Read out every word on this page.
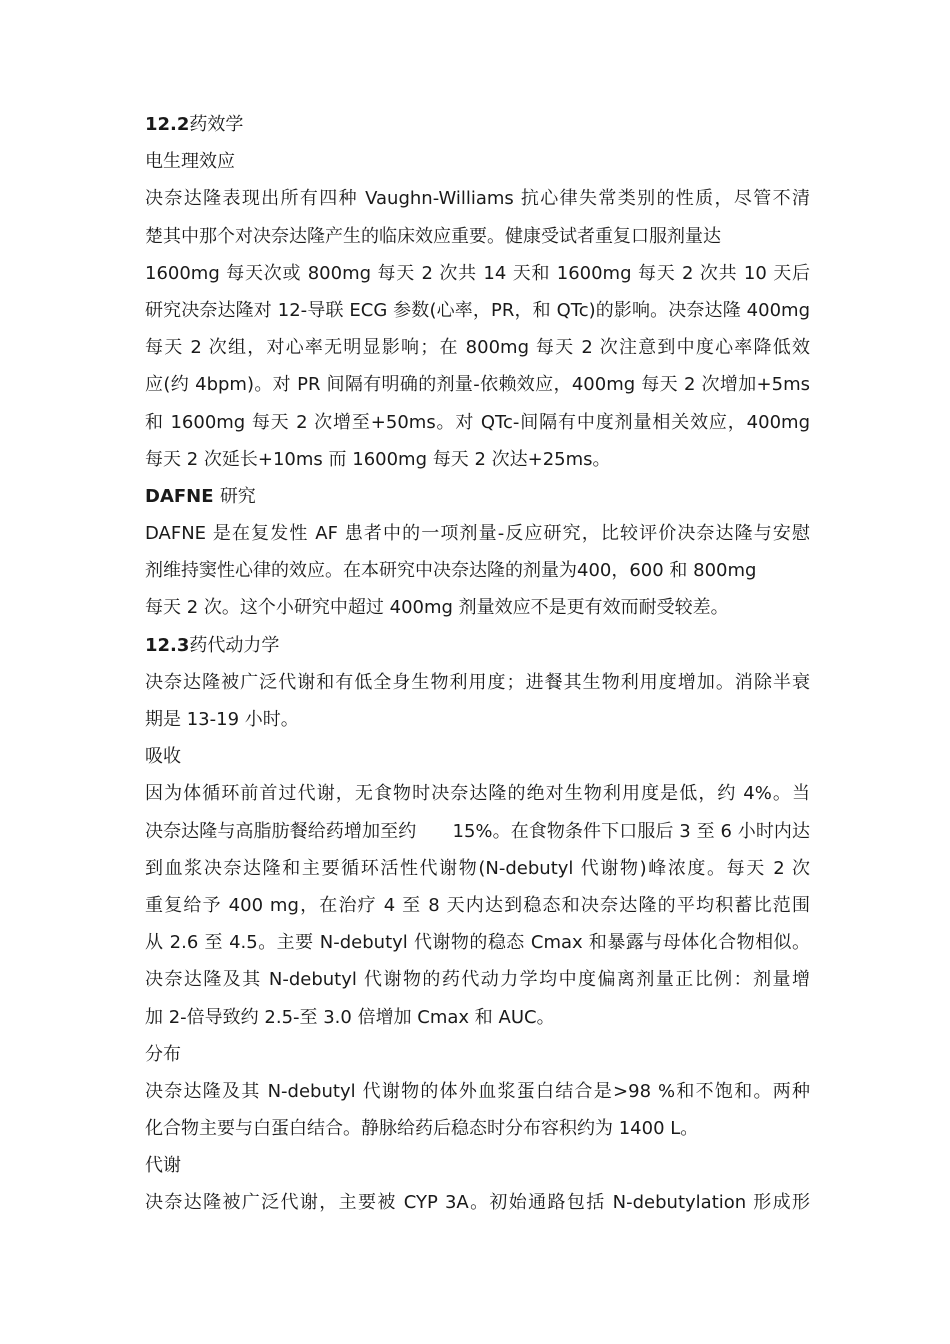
12.2药效学
电生理效应
决奈达隆表现出所有四种 Vaughn-Williams 抗心律失常类别的性质，尽管不清
楚其中那个对决奈达隆产生的临床效应重要。健康受试者重复口服剂量达
1600mg 每天次或 800mg 每天 2 次共 14 天和 1600mg 每天 2 次共 10 天后
研究决奈达隆对 12-导联 ECG 参数(心率，PR，和 QTc)的影响。决奈达隆 400mg
每天 2 次组，对心率无明显影响；在 800mg 每天 2 次注意到中度心率降低效
应(约 4bpm)。对 PR 间隔有明确的剂量-依赖效应，400mg 每天 2 次增加+5ms
和 1600mg 每天 2 次增至+50ms。对 QTc-间隔有中度剂量相关效应，400mg
每天 2 次延长+10ms 而 1600mg 每天 2 次达+25ms。
DAFNE 研究
DAFNE 是在复发性 AF 患者中的一项剂量-反应研究，比较评价决奈达隆与安慰
剂维持窦性心律的效应。在本研究中决奈达隆的剂量为400，600 和 800mg
每天 2 次。这个小研究中超过 400mg 剂量效应不是更有效而耐受较差。
12.3药代动力学
决奈达隆被广泛代谢和有低全身生物利用度；进餐其生物利用度增加。消除半衰
期是 13-19 小时。
吸收
因为体循环前首过代谢，无食物时决奈达隆的绝对生物利用度是低，约 4%。当
决奈达隆与高脂肪餐给药增加至约　　15%。在食物条件下口服后 3 至 6 小时内达
到血浆决奈达隆和主要循环活性代谢物(N-debutyl 代谢物)峰浓度。每天 2 次
重复给予 400 mg，在治疗 4 至 8 天内达到稳态和决奈达隆的平均积蓄比范围
从 2.6 至 4.5。主要 N-debutyl 代谢物的稳态 Cmax 和暴露与母体化合物相似。
决奈达隆及其 N-debutyl 代谢物的药代动力学均中度偏离剂量正比例：剂量增
加 2-倍导致约 2.5-至 3.0 倍增加 Cmax 和 AUC。
分布
决奈达隆及其 N-debutyl 代谢物的体外血浆蛋白结合是>98 %和不饱和。两种
化合物主要与白蛋白结合。静脉给药后稳态时分布容积约为 1400 L。
代谢
决奈达隆被广泛代谢，主要被 CYP 3A。初始通路包括 N-debutylation 形成形
